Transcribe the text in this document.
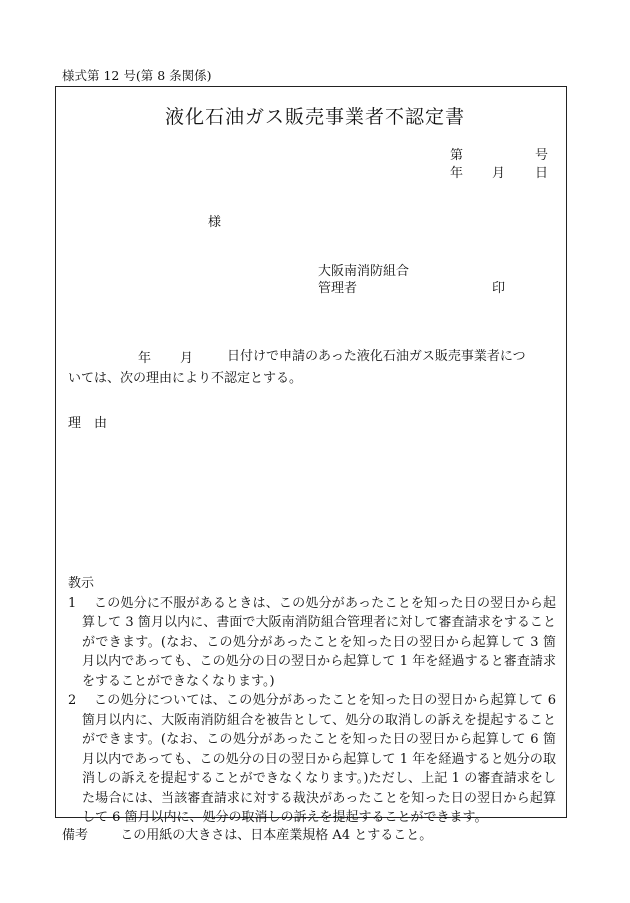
様式第 12 号(第 8 条関係)
液化石油ガス販売事業者不認定書
第	号
年 月 日
様
大阪南消防組合
管理者	印
年 月	日付けで申請のあった液化石油ガス販売事業者につ
いては、次の理由により不認定とする。
理　由
教示
1	この処分に不服があるときは、この処分があったことを知った日の翌日から起算して 3 箇月以内に、書面で大阪南消防組合管理者に対して審査請求をすることができます。(なお、この処分があったことを知った日の翌日から起算して 3 箇月以内であっても、この処分の日の翌日から起算して 1 年を経過すると審査請求をすることができなくなります。)
2	この処分については、この処分があったことを知った日の翌日から起算して 6 箇月以内に、大阪南消防組合を被告として、処分の取消しの訴えを提起することができます。(なお、この処分があったことを知った日の翌日から起算して 6 箇月以内であっても、この処分の日の翌日から起算して 1 年を経過すると処分の取消しの訴えを提起することができなくなります。)ただし、上記 1 の審査請求をした場合には、当該審査請求に対する裁決があったことを知った日の翌日から起算して 6 箇月以内に、処分の取消しの訴えを提起することができます。
備考 この用紙の大きさは、日本産業規格 A4 とすること。
